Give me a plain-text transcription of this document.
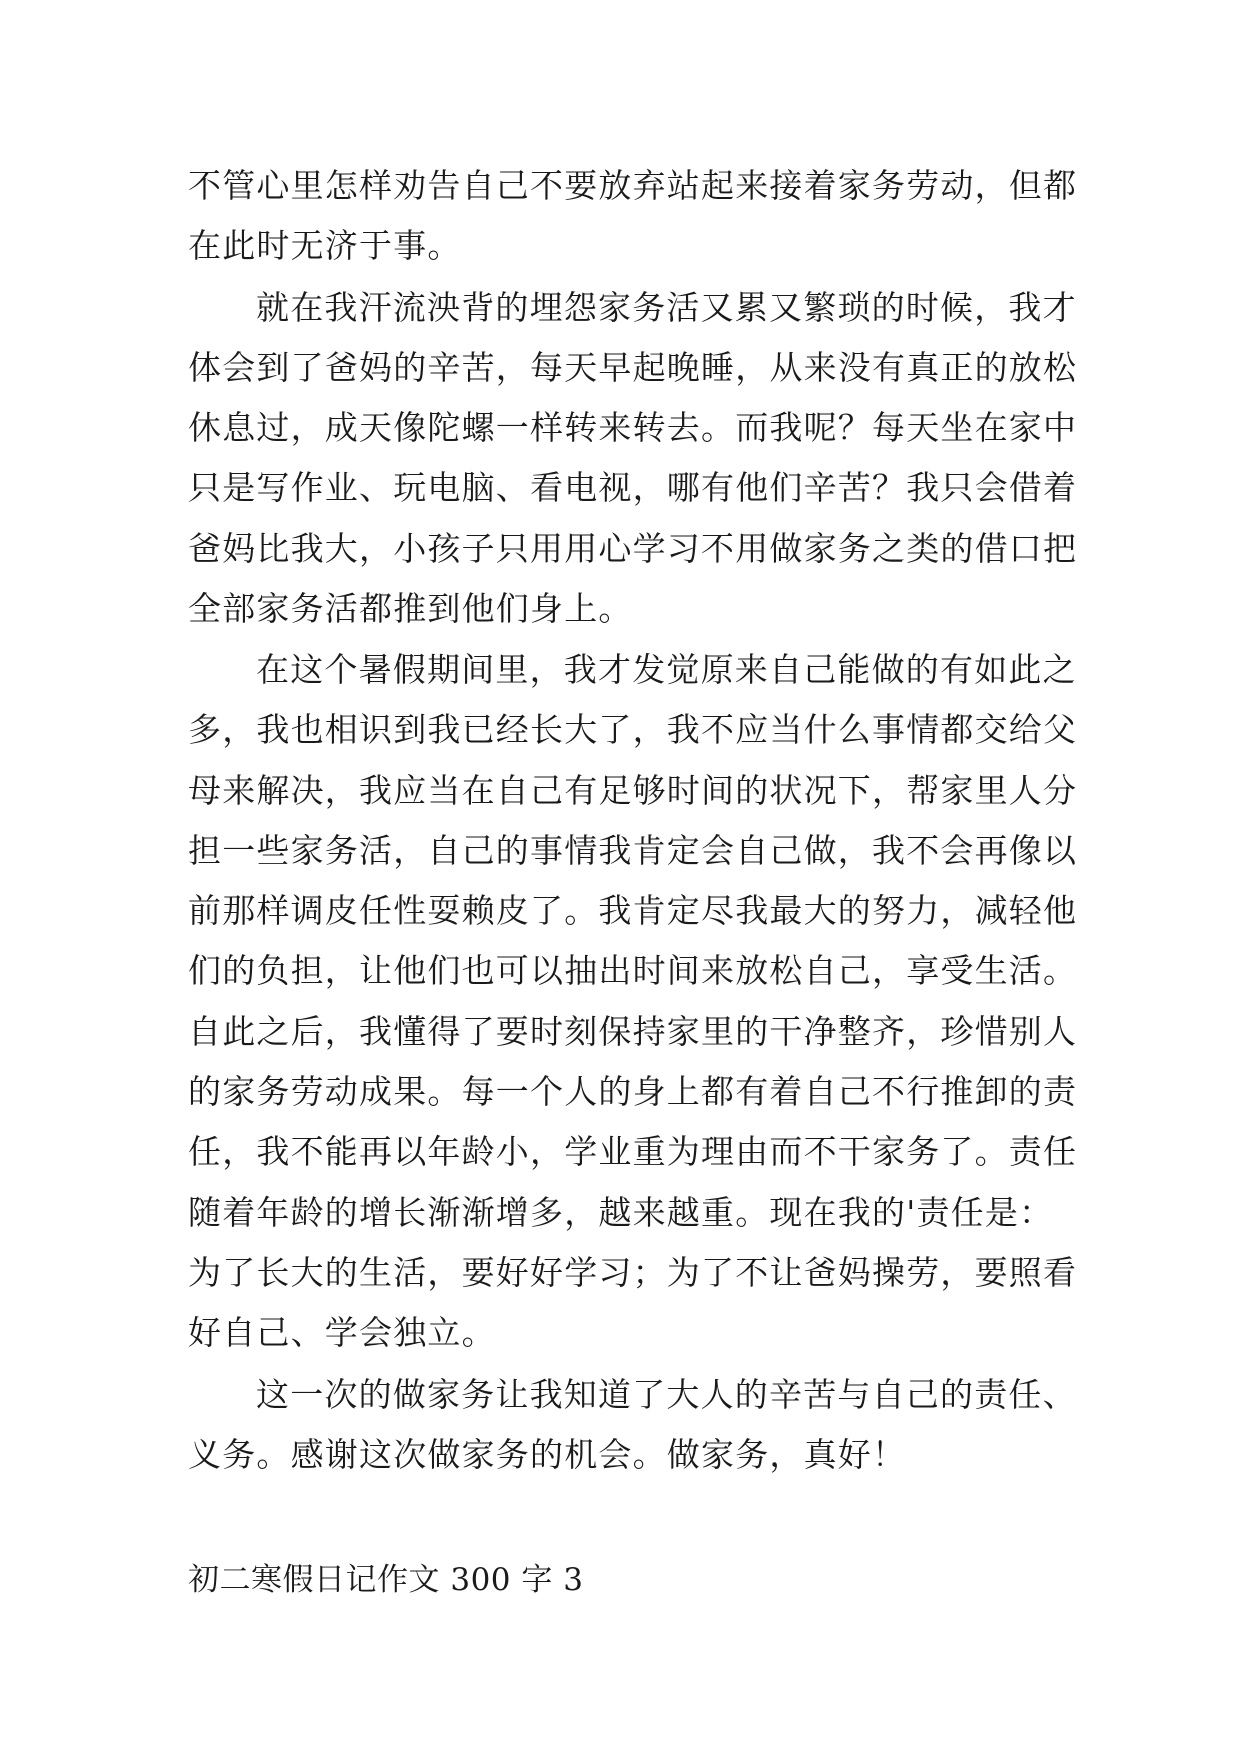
不管心里怎样劝告自己不要放弃站起来接着家务劳动，但都
在此时无济于事。
就在我汗流泱背的埋怨家务活又累又繁琐的时候，我才
体会到了爸妈的辛苦，每天早起晚睡，从来没有真正的放松
休息过，成天像陀螺一样转来转去。而我呢？每天坐在家中
只是写作业、玩电脑、看电视，哪有他们辛苦？我只会借着
爸妈比我大，小孩子只用用心学习不用做家务之类的借口把
全部家务活都推到他们身上。
在这个暑假期间里，我才发觉原来自己能做的有如此之
多，我也相识到我已经长大了，我不应当什么事情都交给父
母来解决，我应当在自己有足够时间的状况下，帮家里人分
担一些家务活，自己的事情我肯定会自己做，我不会再像以
前那样调皮任性耍赖皮了。我肯定尽我最大的努力，减轻他
们的负担，让他们也可以抽出时间来放松自己，享受生活。
自此之后，我懂得了要时刻保持家里的干净整齐，珍惜别人
的家务劳动成果。每一个人的身上都有着自己不行推卸的责
任，我不能再以年龄小，学业重为理由而不干家务了。责任
随着年龄的增长渐渐增多，越来越重。现在我的'责任是：
为了长大的生活，要好好学习；为了不让爸妈操劳，要照看
好自己、学会独立。
这一次的做家务让我知道了大人的辛苦与自己的责任、
义务。感谢这次做家务的机会。做家务，真好！
初二寒假日记作文 300 字 3
